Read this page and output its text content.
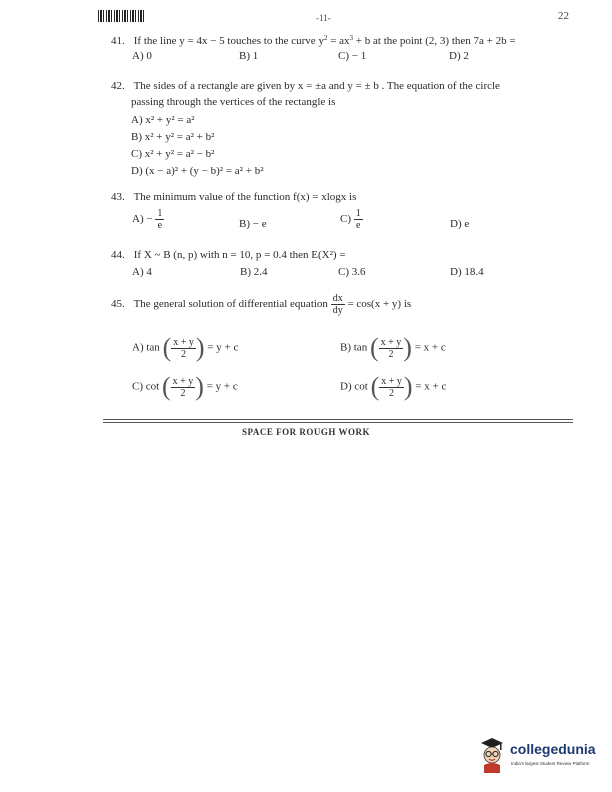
-11-	22
41. If the line y = 4x − 5 touches to the curve $y^2 = ax^3 + b$ at the point (2, 3) then 7a + 2b =
A) 0	B) 1	C) − 1	D) 2
42. The sides of a rectangle are given by x = ±a and y = ± b . The equation of the circle
passing through the vertices of the rectangle is
A) x² + y² = a²
B) x² + y² = a² + b²
C) x² + y² = a² − b²
D) (x − a)² + (y − b)² = a² + b²
43. The minimum value of the function f(x) = xlogx is
$A) - \frac{1}{e}$	B) − e	$C) \frac{1}{e}$	D) e
44. If X ~ B (n, p) with n = 10, p = 0.4 then E(X²) =
A) 4	B) 2.4	C) 3.6	D) 18.4
45. The general solution of differential equation $\frac{dx}{dy} = \cos(x + y)$ is
A) tan ( $\frac{x + y}{2}$ ) = y + c	B) tan ( $\frac{x + y}{2}$ ) = x + c
C) cot ( $\frac{x + y}{2}$ ) = y + c	D) cot ( $\frac{x + y}{2}$ ) = x + c
SPACE FOR ROUGH WORK
collegedunia
India's largest Student Review Platform
